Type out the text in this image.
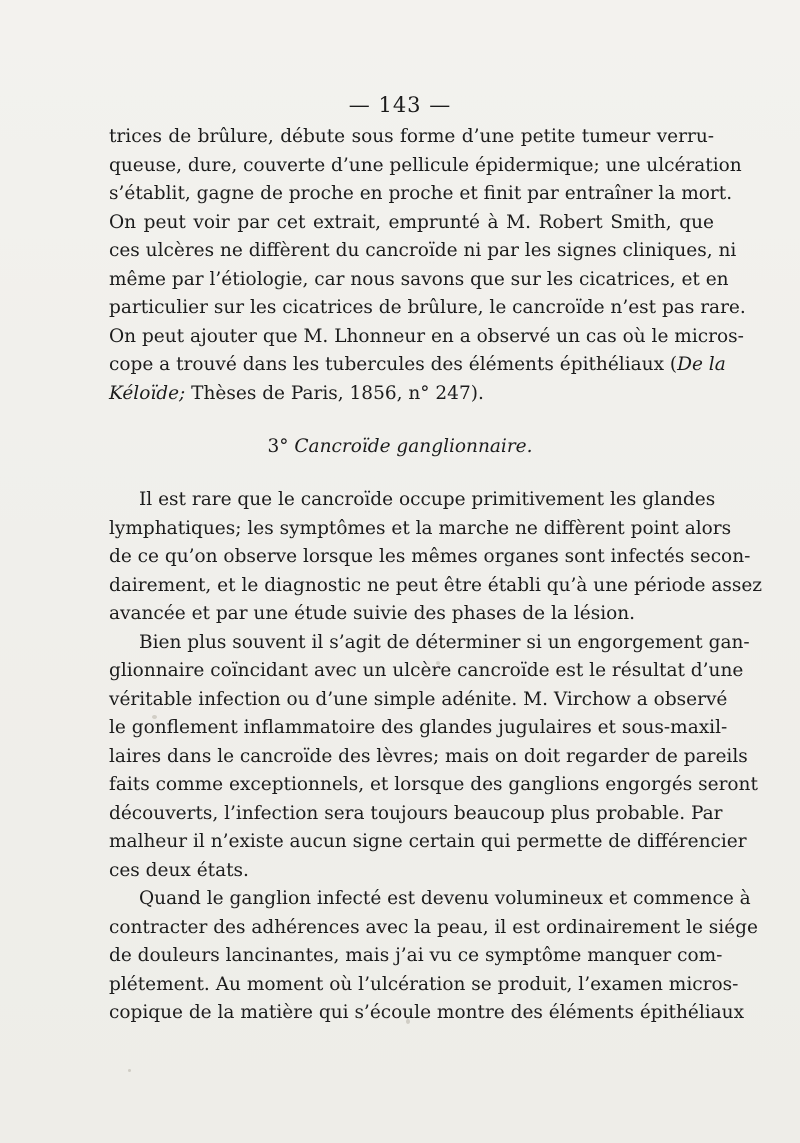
— 143 —
trices de brûlure, débute sous forme d’une petite tumeur verru-
queuse, dure, couverte d’une pellicule épidermique; une ulcération
s’établit, gagne de proche en proche et finit par entraîner la mort.
On peut voir par cet extrait, emprunté à M. Robert Smith, que
ces ulcères ne diffèrent du cancroïde ni par les signes cliniques, ni
même par l’étiologie, car nous savons que sur les cicatrices, et en
particulier sur les cicatrices de brûlure, le cancroïde n’est pas rare.
On peut ajouter que M. Lhonneur en a observé un cas où le micros-
cope a trouvé dans les tubercules des éléments épithéliaux (De la
Kéloïde; Thèses de Paris, 1856, n° 247).
3° Cancroïde ganglionnaire.
Il est rare que le cancroïde occupe primitivement les glandes
lymphatiques; les symptômes et la marche ne diffèrent point alors
de ce qu’on observe lorsque les mêmes organes sont infectés secon-
dairement, et le diagnostic ne peut être établi qu’à une période assez
avancée et par une étude suivie des phases de la lésion.
Bien plus souvent il s’agit de déterminer si un engorgement gan-
glionnaire coïncidant avec un ulcère cancroïde est le résultat d’une
véritable infection ou d’une simple adénite. M. Virchow a observé
le gonflement inflammatoire des glandes jugulaires et sous-maxil-
laires dans le cancroïde des lèvres; mais on doit regarder de pareils
faits comme exceptionnels, et lorsque des ganglions engorgés seront
découverts, l’infection sera toujours beaucoup plus probable. Par
malheur il n’existe aucun signe certain qui permette de différencier
ces deux états.
Quand le ganglion infecté est devenu volumineux et commence à
contracter des adhérences avec la peau, il est ordinairement le siége
de douleurs lancinantes, mais j’ai vu ce symptôme manquer com-
plétement. Au moment où l’ulcération se produit, l’examen micros-
copique de la matière qui s’écoule montre des éléments épithéliaux
